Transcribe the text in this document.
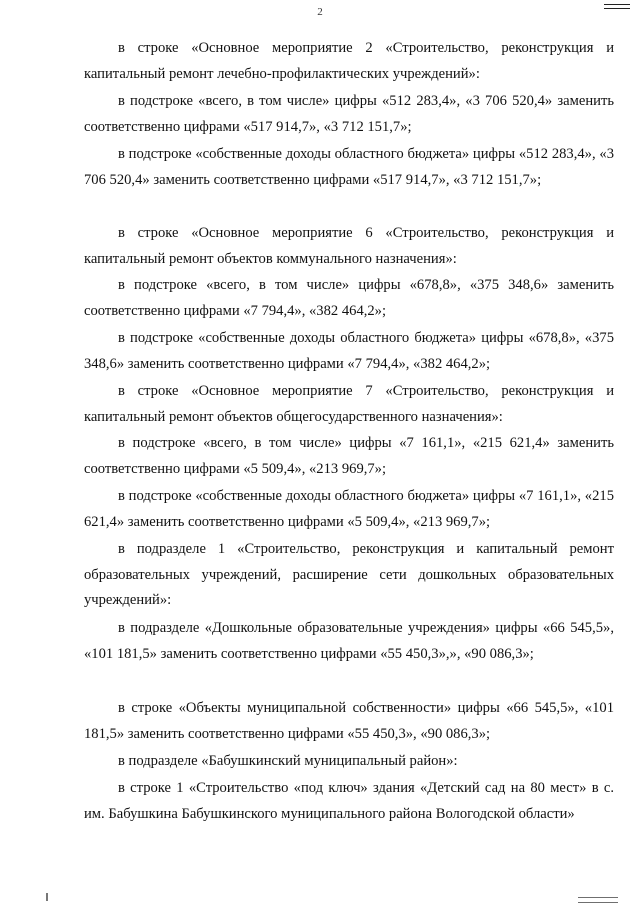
2

в строке «Основное мероприятие 2 «Строительство, реконструкция и капитальный ремонт лечебно-профилактических учреждений»:

в подстроке «всего, в том числе» цифры «512 283,4», «3 706 520,4» заменить соответственно цифрами «517 914,7», «3 712 151,7»;

в подстроке «собственные доходы областного бюджета» цифры «512 283,4», «3 706 520,4» заменить соответственно цифрами «517 914,7», «3 712 151,7»;

в строке «Основное мероприятие 6 «Строительство, реконструкция и капитальный ремонт объектов коммунального назначения»:

в подстроке «всего, в том числе» цифры «678,8», «375 348,6» заменить соответственно цифрами «7 794,4», «382 464,2»;

в подстроке «собственные доходы областного бюджета» цифры «678,8», «375 348,6» заменить соответственно цифрами «7 794,4», «382 464,2»;

в строке «Основное мероприятие 7 «Строительство, реконструкция и капитальный ремонт объектов общегосударственного назначения»:

в подстроке «всего, в том числе» цифры «7 161,1», «215 621,4» заменить соответственно цифрами «5 509,4», «213 969,7»;

в подстроке «собственные доходы областного бюджета» цифры «7 161,1», «215 621,4» заменить соответственно цифрами «5 509,4», «213 969,7»;

в подразделе 1 «Строительство, реконструкция и капитальный ремонт образовательных учреждений, расширение сети дошкольных образовательных учреждений»:

в подразделе «Дошкольные образовательные учреждения» цифры «66 545,5», «101 181,5» заменить соответственно цифрами «55 450,3»,», «90 086,3»;

в строке «Объекты муниципальной собственности» цифры «66 545,5», «101 181,5» заменить соответственно цифрами «55 450,3», «90 086,3»;

в подразделе «Бабушкинский муниципальный район»:

в строке 1 «Строительство «под ключ» здания «Детский сад на 80 мест» в с. им. Бабушкина Бабушкинского муниципального района Вологодской области»
